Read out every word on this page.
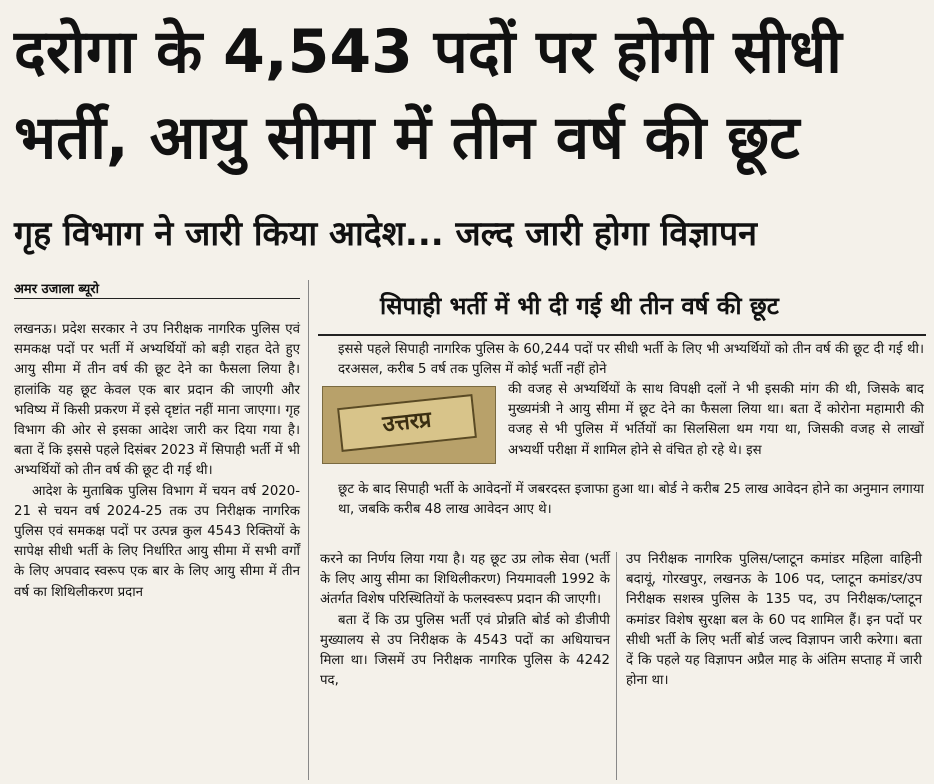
दरोगा के 4,543 पदों पर होगी सीधी
भर्ती, आयु सीमा में तीन वर्ष की छूट
गृह विभाग ने जारी किया आदेश... जल्द जारी होगा विज्ञापन
अमर उजाला ब्यूरो

लखनऊ। प्रदेश सरकार ने उप निरीक्षक नागरिक पुलिस एवं समकक्ष पदों पर भर्ती में अभ्यर्थियों को बड़ी राहत देते हुए आयु सीमा में तीन वर्ष की छूट देने का फैसला लिया है। हालांकि यह छूट केवल एक बार प्रदान की जाएगी और भविष्य में किसी प्रकरण में इसे दृष्टांत नहीं माना जाएगा। गृह विभाग की ओर से इसका आदेश जारी कर दिया गया है। बता दें कि इससे पहले दिसंबर 2023 में सिपाही भर्ती में भी अभ्यर्थियों को तीन वर्ष की छूट दी गई थी।

आदेश के मुताबिक पुलिस विभाग में चयन वर्ष 2020-21 से चयन वर्ष 2024-25 तक उप निरीक्षक नागरिक पुलिस एवं समकक्ष पदों पर उत्पन्न कुल 4543 रिक्तियों के सापेक्ष सीधी भर्ती के लिए निर्धारित आयु सीमा में सभी वर्गों के लिए अपवाद स्वरूप एक बार के लिए आयु सीमा में तीन वर्ष का शिथिलीकरण प्रदान

सिपाही भर्ती में भी दी गई थी तीन वर्ष की छूट

इससे पहले सिपाही नागरिक पुलिस के 60,244 पदों पर सीधी भर्ती के लिए भी अभ्यर्थियों को तीन वर्ष की छूट दी गई थी। दरअसल, करीब 5 वर्ष तक पुलिस में कोई भर्ती नहीं होने

उत्तरप्र

की वजह से अभ्यर्थियों के साथ विपक्षी दलों ने भी इसकी मांग की थी, जिसके बाद मुख्यमंत्री ने आयु सीमा में छूट देने का फैसला लिया था। बता दें कोरोना महामारी की वजह से भी पुलिस में भर्तियों का सिलसिला थम गया था, जिसकी वजह से लाखों अभ्यर्थी परीक्षा में शामिल होने से वंचित हो रहे थे। इस

छूट के बाद सिपाही भर्ती के आवेदनों में जबरदस्त इजाफा हुआ था। बोर्ड ने करीब 25 लाख आवेदन होने का अनुमान लगाया था, जबकि करीब 48 लाख आवेदन आए थे।

करने का निर्णय लिया गया है। यह छूट उप्र लोक सेवा (भर्ती के लिए आयु सीमा का शिथिलीकरण) नियमावली 1992 के अंतर्गत विशेष परिस्थितियों के फलस्वरूप प्रदान की जाएगी।

बता दें कि उप्र पुलिस भर्ती एवं प्रोन्नति बोर्ड को डीजीपी मुख्यालय से उप निरीक्षक के 4543 पदों का अधियाचन मिला था। जिसमें उप निरीक्षक नागरिक पुलिस के 4242 पद,

उप निरीक्षक नागरिक पुलिस/प्लाटून कमांडर महिला वाहिनी बदायूं, गोरखपुर, लखनऊ के 106 पद, प्लाटून कमांडर/उप निरीक्षक सशस्त्र पुलिस के 135 पद, उप निरीक्षक/प्लाटून कमांडर विशेष सुरक्षा बल के 60 पद शामिल हैं। इन पदों पर सीधी भर्ती के लिए भर्ती बोर्ड जल्द विज्ञापन जारी करेगा। बता दें कि पहले यह विज्ञापन अप्रैल माह के अंतिम सप्ताह में जारी होना था।
